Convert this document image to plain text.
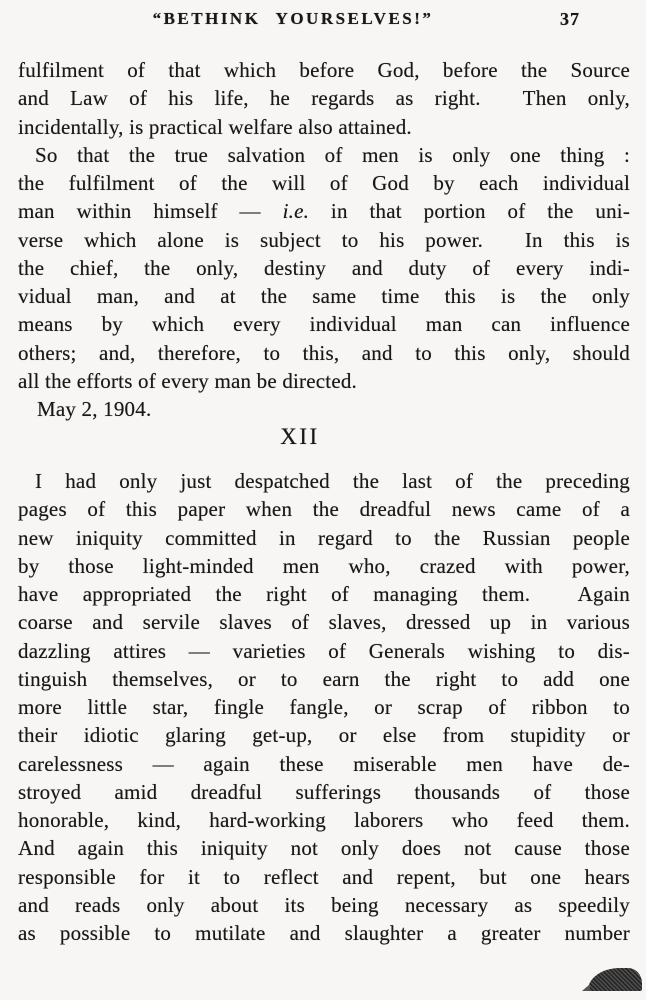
“BETHINK YOURSELVES!”	37
fulfilment of that which before God, before the Source
and Law of his life, he regards as right.  Then only,
incidentally, is practical welfare also attained.
So that the true salvation of men is only one thing :
the fulfilment of the will of God by each individual
man within himself — i.e. in that portion of the uni-
verse which alone is subject to his power.  In this is
the chief, the only, destiny and duty of every indi-
vidual man, and at the same time this is the only
means by which every individual man can influence
others; and, therefore, to this, and to this only, should
all the efforts of every man be directed.
May 2, 1904.
XII
I had only just despatched the last of the preceding
pages of this paper when the dreadful news came of a
new iniquity committed in regard to the Russian people
by those light-minded men who, crazed with power,
have appropriated the right of managing them.  Again
coarse and servile slaves of slaves, dressed up in various
dazzling attires — varieties of Generals wishing to dis-
tinguish themselves, or to earn the right to add one
more little star, fingle fangle, or scrap of ribbon to
their idiotic glaring get-up, or else from stupidity or
carelessness — again these miserable men have de-
stroyed amid dreadful sufferings thousands of those
honorable, kind, hard-working laborers who feed them.
And again this iniquity not only does not cause those
responsible for it to reflect and repent, but one hears
and reads only about its being necessary as speedily
as possible to mutilate and slaughter a greater number
